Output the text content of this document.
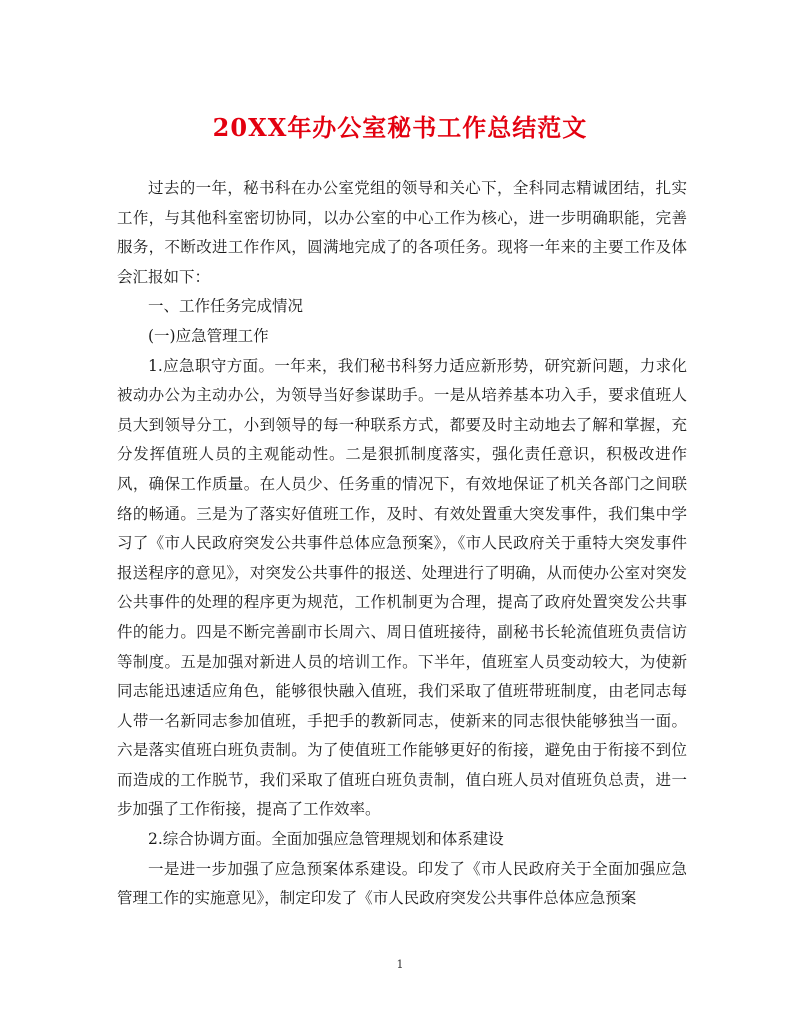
20XX年办公室秘书工作总结范文

过去的一年，秘书科在办公室党组的领导和关心下，全科同志精诚团结，扎实工作，与其他科室密切协同，以办公室的中心工作为核心，进一步明确职能，完善服务，不断改进工作作风，圆满地完成了的各项任务。现将一年来的主要工作及体会汇报如下：

一、工作任务完成情况

(一)应急管理工作

1.应急职守方面。一年来，我们秘书科努力适应新形势，研究新问题，力求化被动办公为主动办公，为领导当好参谋助手。一是从培养基本功入手，要求值班人员大到领导分工，小到领导的每一种联系方式，都要及时主动地去了解和掌握，充分发挥值班人员的主观能动性。二是狠抓制度落实，强化责任意识，积极改进作风，确保工作质量。在人员少、任务重的情况下，有效地保证了机关各部门之间联络的畅通。三是为了落实好值班工作，及时、有效处置重大突发事件，我们集中学习了《市人民政府突发公共事件总体应急预案》，《市人民政府关于重特大突发事件报送程序的意见》，对突发公共事件的报送、处理进行了明确，从而使办公室对突发公共事件的处理的程序更为规范，工作机制更为合理，提高了政府处置突发公共事件的能力。四是不断完善副市长周六、周日值班接待，副秘书长轮流值班负责信访等制度。五是加强对新进人员的培训工作。下半年，值班室人员变动较大，为使新同志能迅速适应角色，能够很快融入值班，我们采取了值班带班制度，由老同志每人带一名新同志参加值班，手把手的教新同志，使新来的同志很快能够独当一面。六是落实值班白班负责制。为了使值班工作能够更好的衔接，避免由于衔接不到位而造成的工作脱节，我们采取了值班白班负责制，值白班人员对值班负总责，进一步加强了工作衔接，提高了工作效率。

2.综合协调方面。全面加强应急管理规划和体系建设

一是进一步加强了应急预案体系建设。印发了《市人民政府关于全面加强应急管理工作的实施意见》，制定印发了《市人民政府突发公共事件总体应急预案

1
